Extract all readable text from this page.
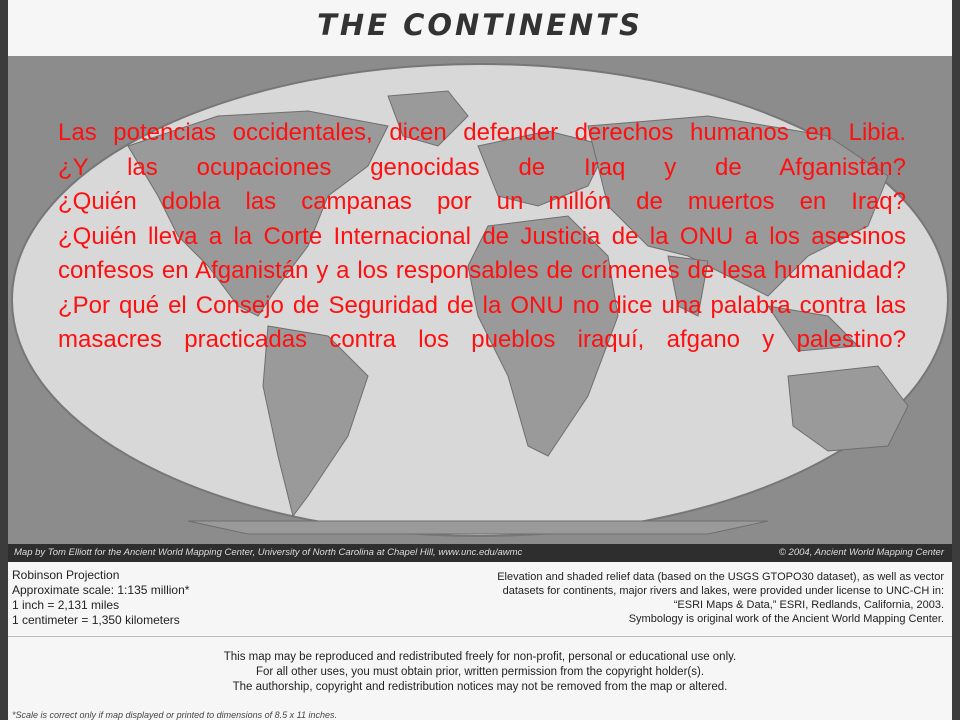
THE CONTINENTS

Las potencias occidentales, dicen defender derechos humanos en Libia.

¿Y las ocupaciones genocidas de Iraq y de Afganistán?

¿Quién dobla las campanas por un millón de muertos en Iraq?

¿Quién lleva a la Corte Internacional de Justicia de la ONU a los asesinos confesos en Afganistán y a los responsables de crímenes de lesa humanidad? ¿Por qué el Consejo de Seguridad de la ONU no dice una palabra contra las masacres practicadas contra los pueblos iraquí, afgano y palestino?

Map by Tom Elliott for the Ancient World Mapping Center, University of North Carolina at Chapel Hill, www.unc.edu/awmc	© 2004, Ancient World Mapping Center
Robinson Projection
Approximate scale: 1:135 million*
1 inch = 2,131 miles
1 centimeter = 1,350 kilometers
Elevation and shaded relief data (based on the USGS GTOPO30 dataset), as well as vector
datasets for continents, major rivers and lakes, were provided under license to UNC-CH in:
“ESRI Maps & Data,” ESRI, Redlands, California, 2003.
Symbology is original work of the Ancient World Mapping Center.
This map may be reproduced and redistributed freely for non-profit, personal or educational use only.
For all other uses, you must obtain prior, written permission from the copyright holder(s).
The authorship, copyright and redistribution notices may not be removed from the map or altered.
*Scale is correct only if map displayed or printed to dimensions of 8.5 x 11 inches.
